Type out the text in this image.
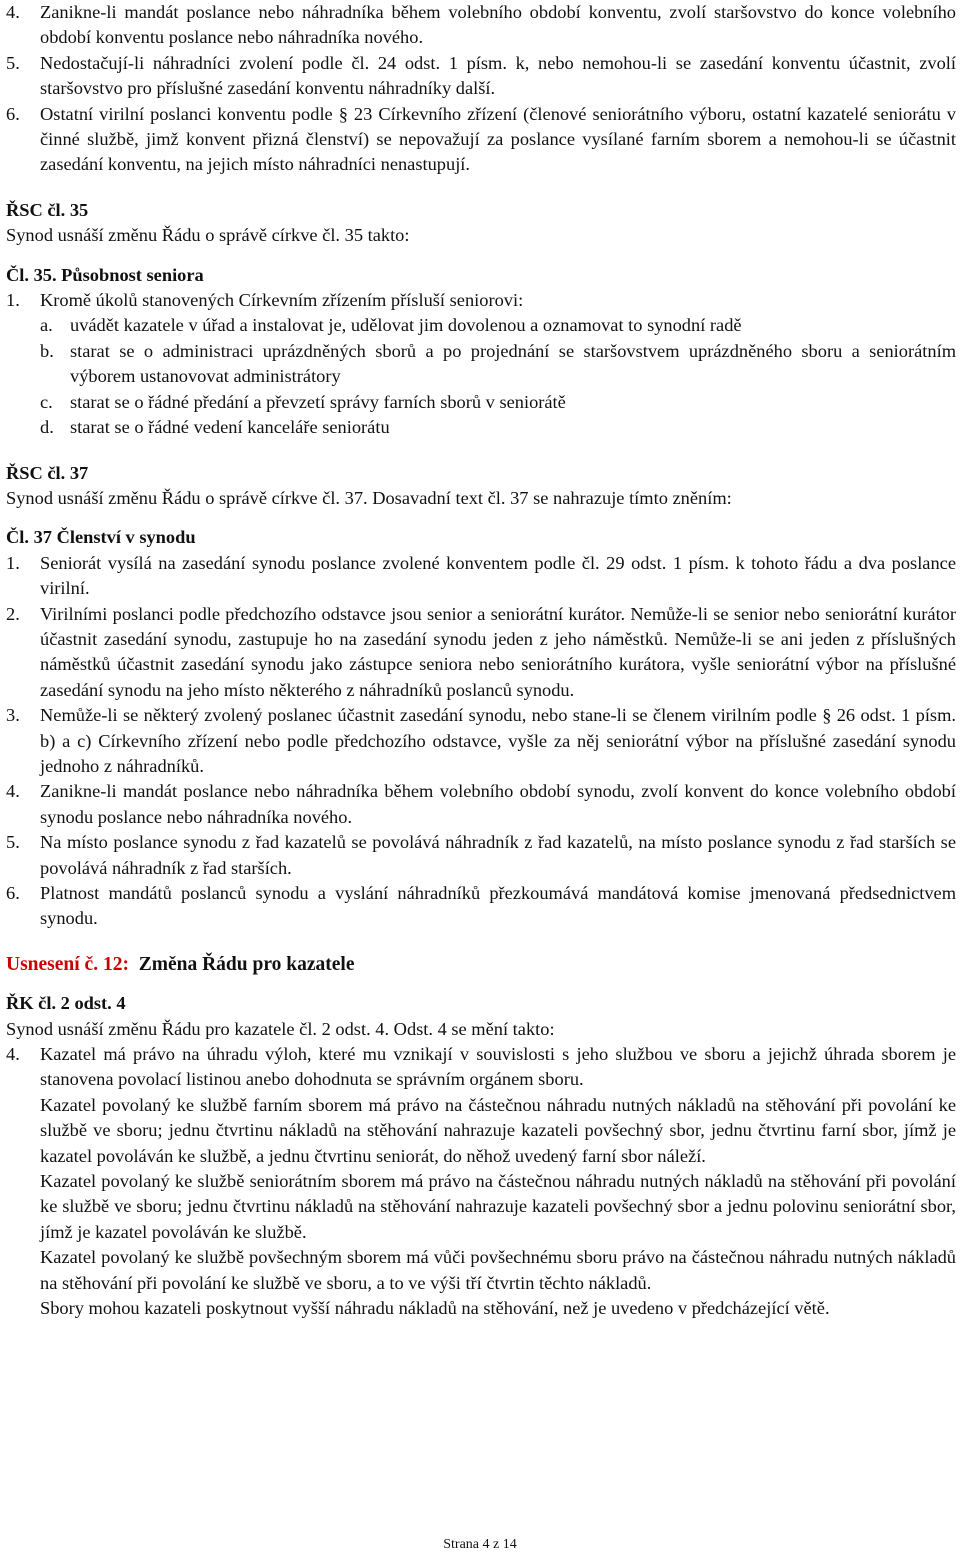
4.	Zanikne-li mandát poslance nebo náhradníka během volebního období konventu, zvolí staršovstvo do konce volebního období konventu poslance nebo náhradníka nového.
5.	Nedostačují-li náhradníci zvolení podle čl. 24 odst. 1 písm. k, nebo nemohou-li se zasedání konventu účastnit, zvolí staršovstvo pro příslušné zasedání konventu náhradníky další.
6.	Ostatní virilní poslanci konventu podle § 23 Církevního zřízení (členové seniorátního výboru, ostatní kazatelé seniorátu v činné službě, jimž konvent přizná členství) se nepovažují za poslance vysílané farním sborem a nemohou-li se účastnit zasedání konventu, na jejich místo náhradníci nenastupují.

ŘSC čl. 35

Synod usnáší změnu Řádu o správě církve čl. 35 takto:

Čl. 35. Působnost seniora

1.	Kromě úkolů stanovených Církevním zřízením přísluší seniorovi:
a. uvádět kazatele v úřad a instalovat je, udělovat jim dovolenou a oznamovat to synodní radě
b. starat se o administraci uprázdněných sborů a po projednání se staršovstvem uprázdněného sboru a seniorátním výborem ustanovovat administrátory
c. starat se o řádné předání a převzetí správy farních sborů v seniorátě
d. starat se o řádné vedení kanceláře seniorátu

ŘSC čl. 37

Synod usnáší změnu Řádu o správě církve čl. 37. Dosavadní text čl. 37 se nahrazuje tímto zněním:

Čl. 37 Členství v synodu

1.	Seniorát vysílá na zasedání synodu poslance zvolené konventem podle čl. 29 odst. 1 písm. k tohoto řádu a dva poslance virilní.
2.	Virilními poslanci podle předchozího odstavce jsou senior a seniorátní kurátor. Nemůže-li se senior nebo seniorátní kurátor účastnit zasedání synodu, zastupuje ho na zasedání synodu jeden z jeho náměstků. Nemůže-li se ani jeden z příslušných náměstků účastnit zasedání synodu jako zástupce seniora nebo seniorátního kurátora, vyšle seniorátní výbor na příslušné zasedání synodu na jeho místo některého z náhradníků poslanců synodu.
3.	Nemůže-li se některý zvolený poslanec účastnit zasedání synodu, nebo stane-li se členem virilním podle § 26 odst. 1 písm. b) a c) Církevního zřízení nebo podle předchozího odstavce, vyšle za něj seniorátní výbor na příslušné zasedání synodu jednoho z náhradníků.
4.	Zanikne-li mandát poslance nebo náhradníka během volebního období synodu, zvolí konvent do konce volebního období synodu poslance nebo náhradníka nového.
5.	Na místo poslance synodu z řad kazatelů se povolává náhradník z řad kazatelů, na místo poslance synodu z řad starších se povolává náhradník z řad starších.
6.	Platnost mandátů poslanců synodu a vyslání náhradníků přezkoumává mandátová komise jmenovaná předsednictvem synodu.

Usnesení č. 12: Změna Řádu pro kazatele

ŘK čl. 2 odst. 4

Synod usnáší změnu Řádu pro kazatele čl. 2 odst. 4. Odst. 4 se mění takto:

4.	Kazatel má právo na úhradu výloh, které mu vznikají v souvislosti s jeho službou ve sboru a jejichž úhrada sborem je stanovena povolací listinou anebo dohodnuta se správním orgánem sboru.

Kazatel povolaný ke službě farním sborem má právo na částečnou náhradu nutných nákladů na stěhování při povolání ke službě ve sboru; jednu čtvrtinu nákladů na stěhování nahrazuje kazateli povšechný sbor, jednu čtvrtinu farní sbor, jímž je kazatel povoláván ke službě, a jednu čtvrtinu seniorát, do něhož uvedený farní sbor náleží.

Kazatel povolaný ke službě seniorátním sborem má právo na částečnou náhradu nutných nákladů na stěhování při povolání ke službě ve sboru; jednu čtvrtinu nákladů na stěhování nahrazuje kazateli povšechný sbor a jednu polovinu seniorátní sbor, jímž je kazatel povoláván ke službě.

Kazatel povolaný ke službě povšechným sborem má vůči povšechnému sboru právo na částečnou náhradu nutných nákladů na stěhování při povolání ke službě ve sboru, a to ve výši tří čtvrtin těchto nákladů.

Sbory mohou kazateli poskytnout vyšší náhradu nákladů na stěhování, než je uvedeno v předcházející větě.

Strana 4 z 14
